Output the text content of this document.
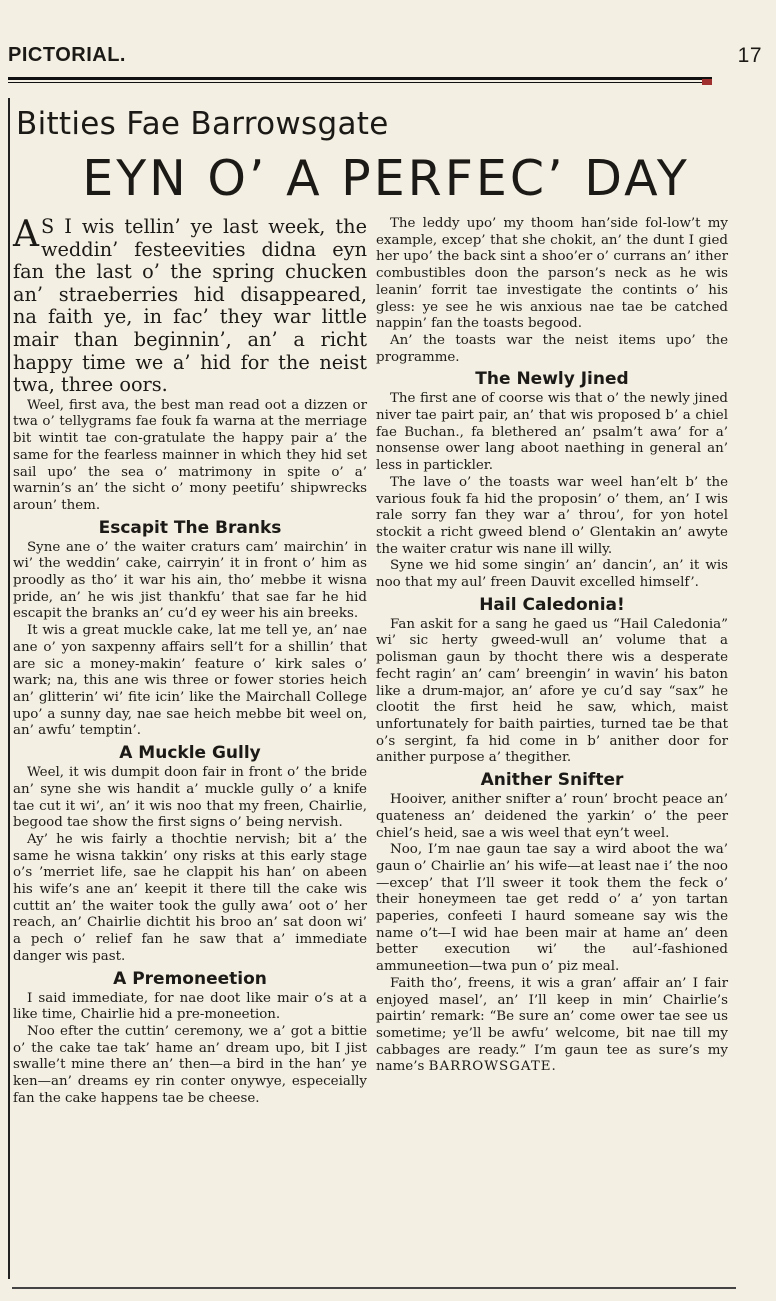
PICTORIAL.	17
Bitties Fae Barrowsgate
EYN O’ A PERFEC’ DAY

A S I wis tellin’ ye last week, the weddin’ festeevities didna eyn fan the last o’ the spring chucken an’ straeberries hid disappeared, na faith ye, in fac’ they war little mair than beginnin’, an’ a richt happy time we a’ hid for the neist twa, three oors.

Weel, first ava, the best man read oot a dizzen or twa o’ tellygrams fae fouk fa warna at the merriage bit wintit tae con-gratulate the happy pair a’ the same for the fearless mainner in which they hid set sail upo’ the sea o’ matrimony in spite o’ a’ warnin’s an’ the sicht o’ mony peetifu’ shipwrecks aroun’ them.

Escapit The Branks

Syne ane o’ the waiter craturs cam’ mairchin’ in wi’ the weddin’ cake, cairryin’ it in front o’ him as proodly as tho’ it war his ain, tho’ mebbe it wisna pride, an’ he wis jist thankfu’ that sae far he hid escapit the branks an’ cu’d ey weer his ain breeks.

It wis a great muckle cake, lat me tell ye, an’ nae ane o’ yon saxpenny affairs sell’t for a shillin’ that are sic a money-makin’ feature o’ kirk sales o’ wark; na, this ane wis three or fower stories heich an’ glitterin’ wi’ fite icin’ like the Mairchall College upo’ a sunny day, nae sae heich mebbe bit weel on, an’ awfu’ temptin’.

A Muckle Gully

Weel, it wis dumpit doon fair in front o’ the bride an’ syne she wis handit a’ muckle gully o’ a knife tae cut it wi’, an’ it wis noo that my freen, Chairlie, begood tae show the first signs o’ being nervish.

Ay’ he wis fairly a thochtie nervish; bit a’ the same he wisna takkin’ ony risks at this early stage o’s ’merriet life, sae he clappit his han’ on abeen his wife’s ane an’ keepit it there till the cake wis cuttit an’ the waiter took the gully awa’ oot o’ her reach, an’ Chairlie dichtit his broo an’ sat doon wi’ a pech o’ relief fan he saw that a’ immediate danger wis past.

A Premoneetion

I said immediate, for nae doot like mair o’s at a like time, Chairlie hid a pre-moneetion.

Noo efter the cuttin’ ceremony, we a’ got a bittie o’ the cake tae tak’ hame an’ dream upo, bit I jist swalle’t mine there an’ then—a bird in the han’ ye ken—an’ dreams ey rin conter onywye, especeially fan the cake happens tae be cheese.

The leddy upo’ my thoom han’side fol-low’t my example, excep’ that she chokit, an’ the dunt I gied her upo’ the back sint a shoo’er o’ currans an’ ither combustibles doon the parson’s neck as he wis leanin’ forrit tae investigate the contints o’ his gless: ye see he wis anxious nae tae be catched nappin’ fan the toasts begood.

An’ the toasts war the neist items upo’ the programme.

The Newly Jined

The first ane of coorse wis that o’ the newly jined niver tae pairt pair, an’ that wis proposed b’ a chiel fae Buchan., fa blethered an’ psalm’t awa’ for a’ nonsense ower lang aboot naething in general an’ less in partickler.

The lave o’ the toasts war weel han’elt b’ the various fouk fa hid the proposin’ o’ them, an’ I wis rale sorry fan they war a’ throu’, for yon hotel stockit a richt gweed blend o’ Glentakin an’ awyte the waiter cratur wis nane ill willy.

Syne we hid some singin’ an’ dancin’, an’ it wis noo that my aul’ freen Dauvit excelled himself’.

Hail Caledonia!

Fan askit for a sang he gaed us “Hail Caledonia” wi’ sic herty gweed-wull an’ volume that a polisman gaun by thocht there wis a desperate fecht ragin’ an’ cam’ breengin’ in wavin’ his baton like a drum-major, an’ afore ye cu’d say “sax” he clootit the first heid he saw, which, maist unfortunately for baith pairties, turned tae be that o’s sergint, fa hid come in b’ anither door for anither purpose a’ thegither.

Anither Snifter

Hooiver, anither snifter a’ roun’ brocht peace an’ quateness an’ deidened the yarkin’ o’ the peer chiel’s heid, sae a wis weel that eyn’t weel.

Noo, I’m nae gaun tae say a wird aboot the wa’ gaun o’ Chairlie an’ his wife—at least nae i’ the noo—excep’ that I’ll sweer it took them the feck o’ their honeymeen tae get redd o’ a’ yon tartan paperies, confeeti I haurd someane say wis the name o’t—I wid hae been mair at hame an’ deen better execution wi’ the aul’-fashioned ammuneetion—twa pun o’ piz meal.

Faith tho’, freens, it wis a gran’ affair an’ I fair enjoyed masel’, an’ I’ll keep in min’ Chairlie’s pairtin’ remark: “Be sure an’ come ower tae see us sometime; ye’ll be awfu’ welcome, bit nae till my cabbages are ready.” I’m gaun tee as sure’s my name’s BARROWSGATE.
